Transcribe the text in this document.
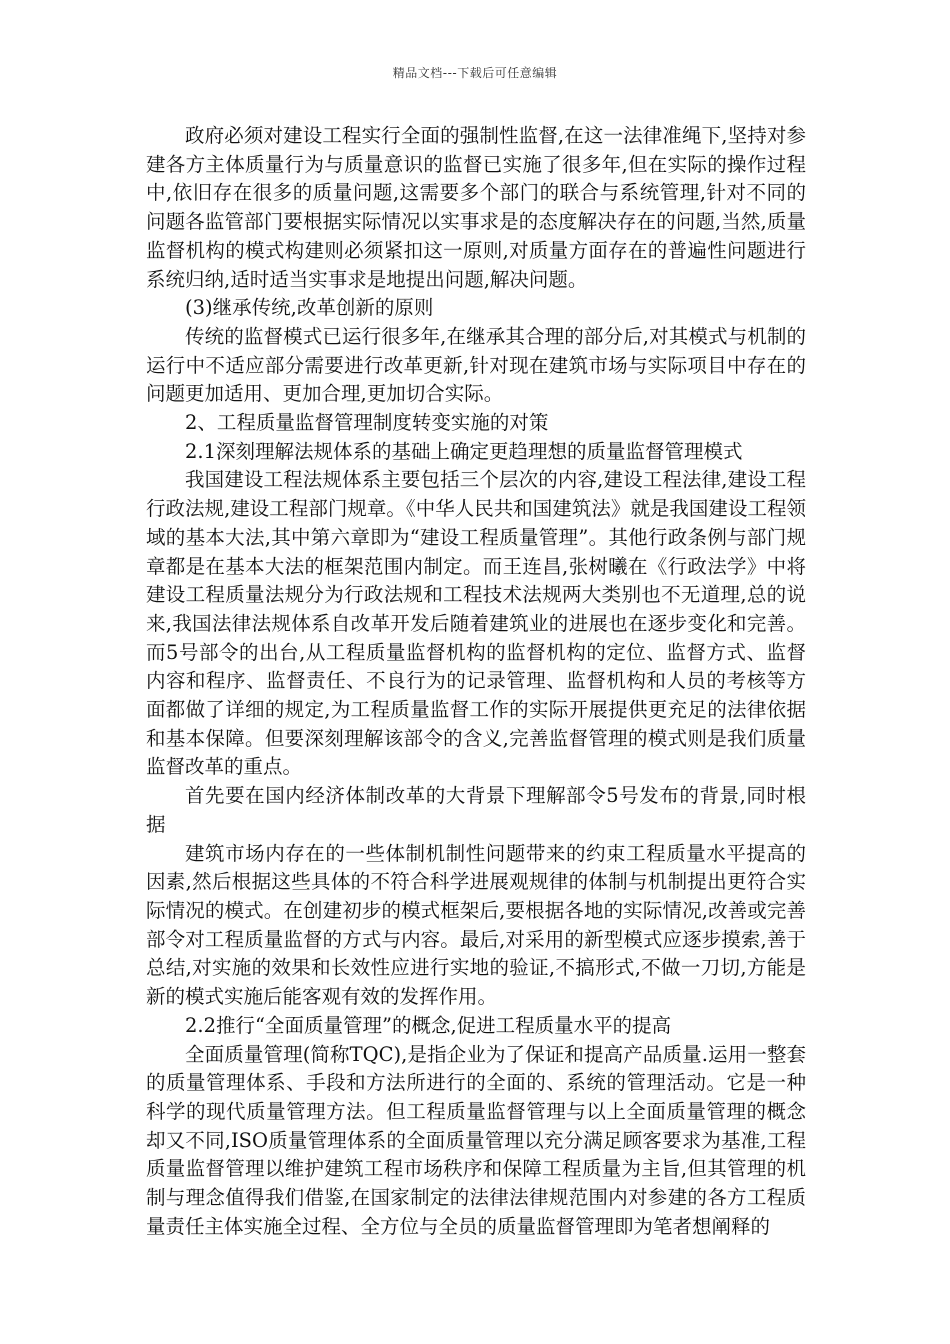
精品文档---下载后可任意编辑

政府必须对建设工程实行全面的强制性监督,在这一法律准绳下,坚持对参建各方主体质量行为与质量意识的监督已实施了很多年,但在实际的操作过程中,依旧存在很多的质量问题,这需要多个部门的联合与系统管理,针对不同的问题各监管部门要根据实际情况以实事求是的态度解决存在的问题,当然,质量监督机构的模式构建则必须紧扣这一原则,对质量方面存在的普遍性问题进行系统归纳,适时适当实事求是地提出问题,解决问题。

(3)继承传统,改革创新的原则

传统的监督模式已运行很多年,在继承其合理的部分后,对其模式与机制的运行中不适应部分需要进行改革更新,针对现在建筑市场与实际项目中存在的问题更加适用、更加合理,更加切合实际。

2、工程质量监督管理制度转变实施的对策

2.1深刻理解法规体系的基础上确定更趋理想的质量监督管理模式

我国建设工程法规体系主要包括三个层次的内容,建设工程法律,建设工程行政法规,建设工程部门规章。《中华人民共和国建筑法》就是我国建设工程领域的基本大法,其中第六章即为“建设工程质量管理”。其他行政条例与部门规章都是在基本大法的框架范围内制定。而王连昌,张树曦在《行政法学》中将建设工程质量法规分为行政法规和工程技术法规两大类别也不无道理,总的说来,我国法律法规体系自改革开发后随着建筑业的进展也在逐步变化和完善。而5号部令的出台,从工程质量监督机构的监督机构的定位、监督方式、监督内容和程序、监督责任、不良行为的记录管理、监督机构和人员的考核等方面都做了详细的规定,为工程质量监督工作的实际开展提供更充足的法律依据和基本保障。但要深刻理解该部令的含义,完善监督管理的模式则是我们质量监督改革的重点。

首先要在国内经济体制改革的大背景下理解部令5号发布的背景,同时根据

建筑市场内存在的一些体制机制性问题带来的约束工程质量水平提高的因素,然后根据这些具体的不符合科学进展观规律的体制与机制提出更符合实际情况的模式。在创建初步的模式框架后,要根据各地的实际情况,改善或完善部令对工程质量监督的方式与内容。最后,对采用的新型模式应逐步摸索,善于总结,对实施的效果和长效性应进行实地的验证,不搞形式,不做一刀切,方能是新的模式实施后能客观有效的发挥作用。

2.2推行“全面质量管理”的概念,促进工程质量水平的提高

全面质量管理(简称TQC),是指企业为了保证和提高产品质量.运用一整套的质量管理体系、手段和方法所进行的全面的、系统的管理活动。它是一种科学的现代质量管理方法。但工程质量监督管理与以上全面质量管理的概念却又不同,ISO质量管理体系的全面质量管理以充分满足顾客要求为基准,工程质量监督管理以维护建筑工程市场秩序和保障工程质量为主旨,但其管理的机制与理念值得我们借鉴,在国家制定的法律法律规范围内对参建的各方工程质量责任主体实施全过程、全方位与全员的质量监督管理即为笔者想阐释的
